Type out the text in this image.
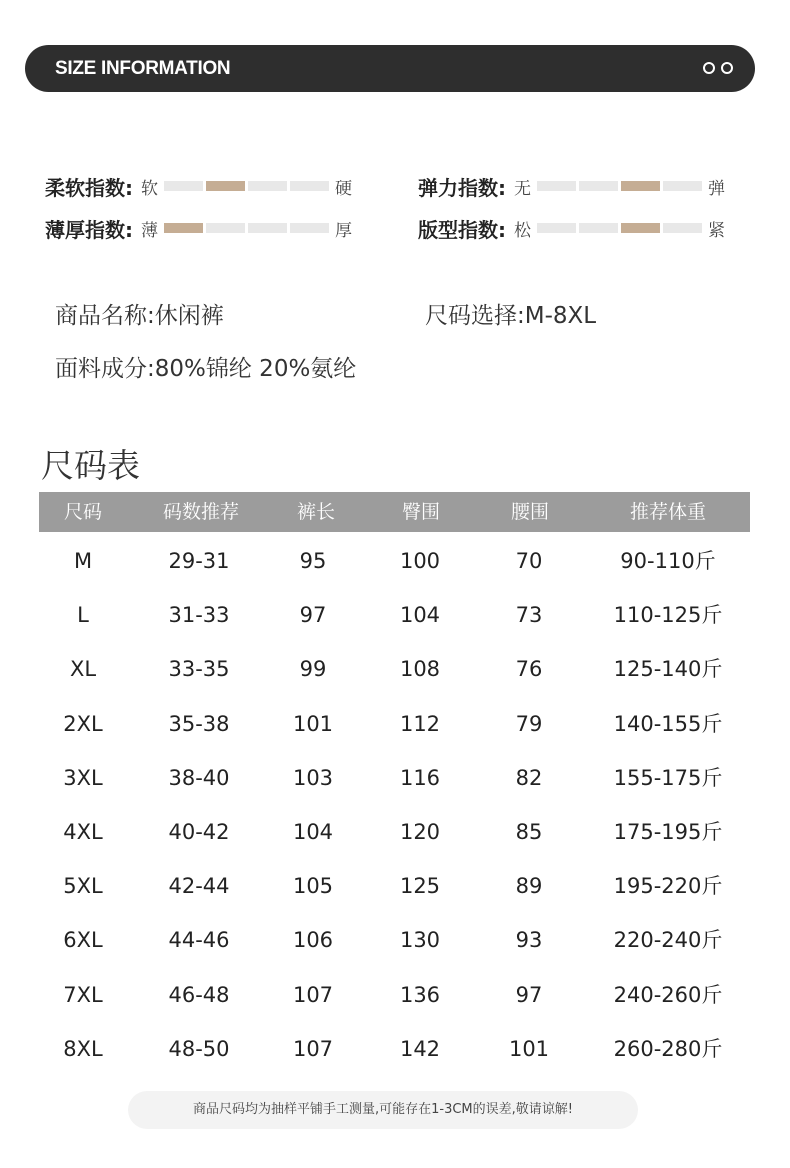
SIZE INFORMATION
柔软指数: 软	硬	弹力指数: 无	弹
薄厚指数: 薄	厚	版型指数: 松	紧
商品名称:休闲裤	尺码选择:M-8XL
面料成分:80%锦纶 20%氨纶
尺码表
尺码	码数推荐	裤长	臀围	腰围	推荐体重
M	29-31	95	100	70	90-110斤
L	31-33	97	104	73	110-125斤
XL	33-35	99	108	76	125-140斤
2XL	35-38	101	112	79	140-155斤
3XL	38-40	103	116	82	155-175斤
4XL	40-42	104	120	85	175-195斤
5XL	42-44	105	125	89	195-220斤
6XL	44-46	106	130	93	220-240斤
7XL	46-48	107	136	97	240-260斤
8XL	48-50	107	142	101	260-280斤
商品尺码均为抽样平铺手工测量,可能存在1-3CM的误差,敬请谅解!
